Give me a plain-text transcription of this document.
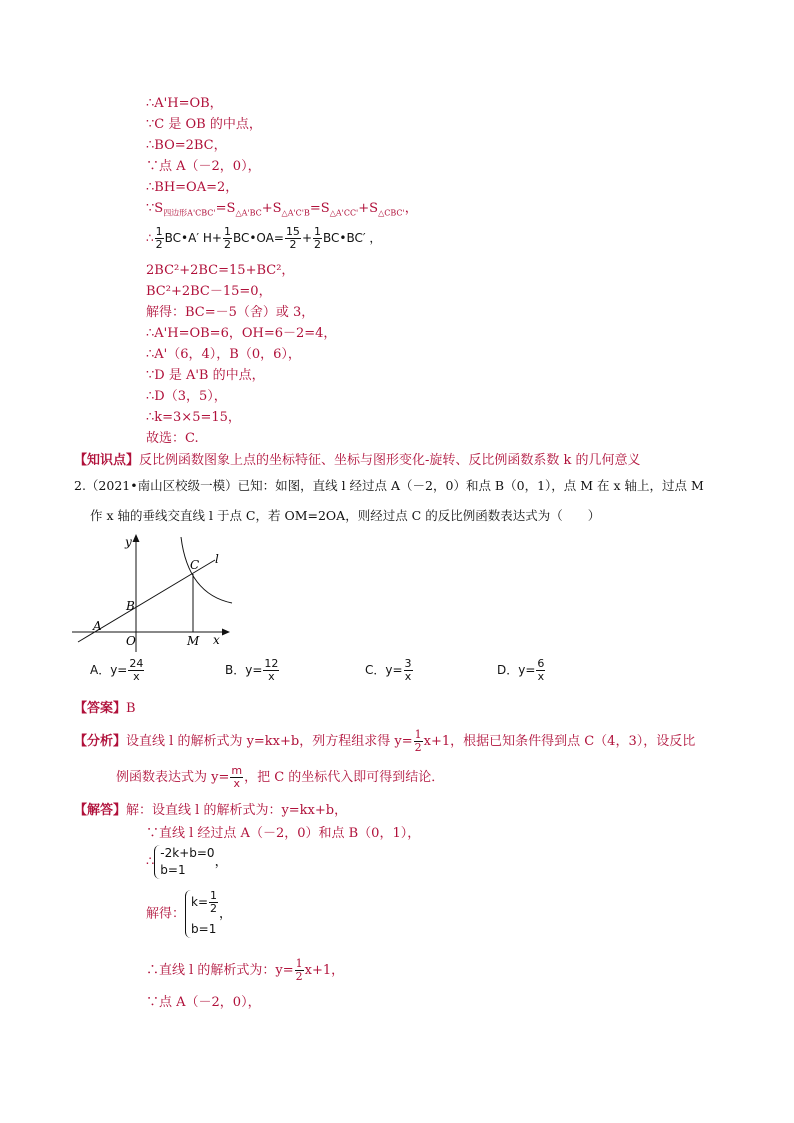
∴A'H=OB，
∵C 是 OB 的中点，
∴BO=2BC，
∵点 A（－2，0），
∴BH=OA=2，
$\because S_{四边形A'CBC'}=S_{\triangle A'BC}+S_{\triangle A'C'B}=S_{\triangle A'CC'}+S_{\triangle CBC'}$，
∴ $\frac{1}{2}$ BC•A′ $H+ \frac{1}{2}$ BC•OA= $\frac{15}{2} + \frac{1}{2}$ BC•BC′ ，
2BC²+2BC=15+BC²，
BC²+2BC－15=0，
解得：BC=－5（舍）或 3，
∴A'H=OB=6，OH=6－2=4，
∴A'（6，4），B（0，6），
∵D 是 A'B 的中点，
∴D（3，5），
∴k=3×5=15，
故选：C.
【知识点】反比例函数图象上点的坐标特征、坐标与图形变化-旋转、反比例函数系数 k 的几何意义
2.（2021•南山区校级一模）已知：如图，直线 l 经过点 A（－2，0）和点 B（0，1），点 M 在 x 轴上，过点 M
作 x 轴的垂线交直线 l 于点 C，若 OM=2OA，则经过点 C 的反比例函数表达式为（　　）
y
C l
B
A
O	M x
A．$y= \frac{24}{x}$	B．$y= \frac{12}{x}$	C．$y= \frac{3}{x}$	D．$y= \frac{6}{x}$
【答案】B
【分析】设直线 l 的解析式为 y=kx+b，列方程组求得 $y= \frac{1}{2} x+1$，根据已知条件得到点 C（4，3），设反比
例函数表达式为 $y= \frac{m}{x}$ ，把 C 的坐标代入即可得到结论．
【解答】解：设直线 l 的解析式为：y=kx+b，
∵直线 l 经过点 A（－2，0）和点 B（0，1），
∴
-2k+b=0
b=1
，
解得：
$k= \frac{1}{2}$
b=1
，
∴直线 l 的解析式为：$y= \frac{1}{2} x+1$，
∵点 A（－2，0），
